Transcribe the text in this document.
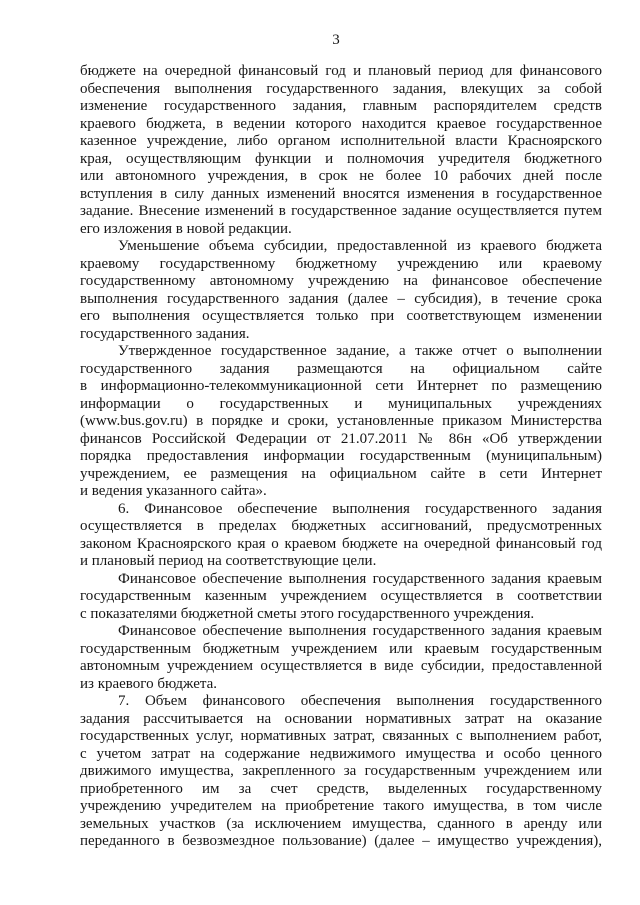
3
бюджете на очередной финансовый год и плановый период для финансового
обеспечения выполнения государственного задания, влекущих за собой
изменение государственного задания, главным распорядителем средств
краевого бюджета, в ведении которого находится краевое государственное
казенное учреждение, либо органом исполнительной власти Красноярского
края, осуществляющим функции и полномочия учредителя бюджетного
или автономного учреждения, в срок не более 10 рабочих дней после
вступления в силу данных изменений вносятся изменения в государственное
задание. Внесение изменений в государственное задание осуществляется путем
его изложения в новой редакции.
Уменьшение объема субсидии, предоставленной из краевого бюджета
краевому государственному бюджетному учреждению или краевому
государственному автономному учреждению на финансовое обеспечение
выполнения государственного задания (далее – субсидия), в течение срока
его выполнения осуществляется только при соответствующем изменении
государственного задания.
Утвержденное государственное задание, а также отчет о выполнении
государственного задания размещаются на официальном сайте
в информационно-телекоммуникационной сети Интернет по размещению
информации о государственных и муниципальных учреждениях
(www.bus.gov.ru) в порядке и сроки, установленные приказом Министерства
финансов Российской Федерации от 21.07.2011 № 86н «Об утверждении
порядка предоставления информации государственным (муниципальным)
учреждением, ее размещения на официальном сайте в сети Интернет
и ведения указанного сайта».
6. Финансовое обеспечение выполнения государственного задания
осуществляется в пределах бюджетных ассигнований, предусмотренных
законом Красноярского края о краевом бюджете на очередной финансовый год
и плановый период на соответствующие цели.
Финансовое обеспечение выполнения государственного задания краевым
государственным казенным учреждением осуществляется в соответствии
с показателями бюджетной сметы этого государственного учреждения.
Финансовое обеспечение выполнения государственного задания краевым
государственным бюджетным учреждением или краевым государственным
автономным учреждением осуществляется в виде субсидии, предоставленной
из краевого бюджета.
7. Объем финансового обеспечения выполнения государственного
задания рассчитывается на основании нормативных затрат на оказание
государственных услуг, нормативных затрат, связанных с выполнением работ,
с учетом затрат на содержание недвижимого имущества и особо ценного
движимого имущества, закрепленного за государственным учреждением или
приобретенного им за счет средств, выделенных государственному
учреждению учредителем на приобретение такого имущества, в том числе
земельных участков (за исключением имущества, сданного в аренду или
переданного в безвозмездное пользование) (далее – имущество учреждения),
